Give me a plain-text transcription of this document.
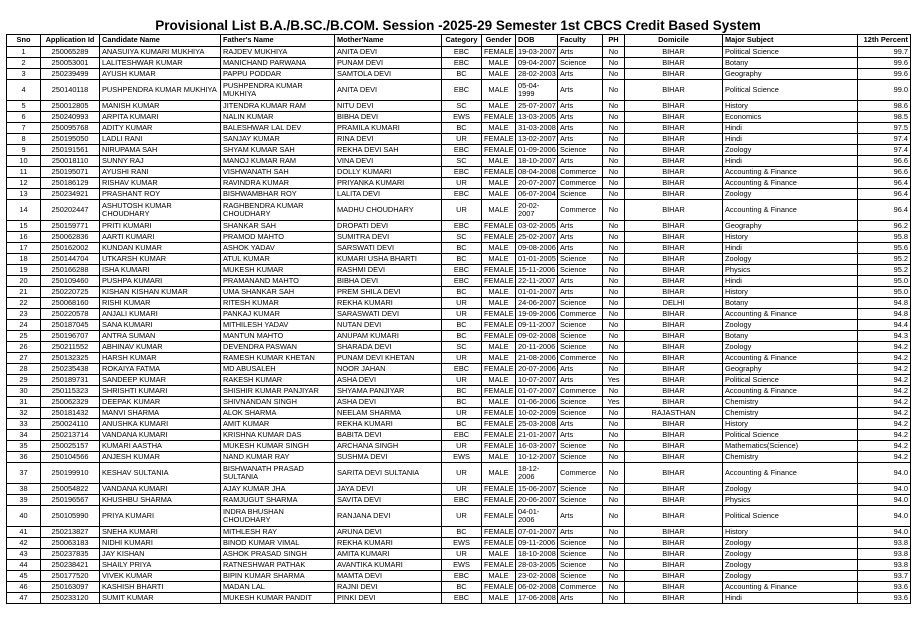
Provisional List B.A./B.SC./B.COM. Session -2025-29 Semester 1st CBCS Credit Based System
Sno	Application Id	Candidate Name	Father's Name	Mother'Name	Category	Gender	DOB	Faculty	PH	Domicile	Major Subject	12th Percent
1	250065289	ANASUIYA KUMARI MUKHIYA	RAJDEV MUKHIYA	ANITA DEVI	EBC	FEMALE	19-03-2007	Arts	No	BIHAR	Political Science	99.7
2	250053001	LALITESHWAR KUMAR	MANICHAND PARWANA	PUNAM DEVI	EBC	MALE	09-04-2007	Science	No	BIHAR	Botany	99.6
3	250239499	AYUSH KUMAR	PAPPU PODDAR	SAMTOLA DEVI	BC	MALE	28-02-2003	Arts	No	BIHAR	Geography	99.6
4	250140118	PUSHPENDRA KUMAR MUKHIYA	PUSHPENDRA KUMAR MUKHIYA	ANITA DEVI	EBC	MALE	05-04-1999	Arts	No	BIHAR	Political Science	99.0
5	250012805	MANISH KUMAR	JITENDRA KUMAR RAM	NITU DEVI	SC	MALE	25-07-2007	Arts	No	BIHAR	History	98.6
6	250240993	ARPITA KUMARI	NALIN KUMAR	BIBHA DEVI	EWS	FEMALE	13-03-2005	Arts	No	BIHAR	Economics	98.5
7	250095768	ADITY KUMAR	BALESHWAR LAL DEV	PRAMILA KUMARI	BC	MALE	31-03-2008	Arts	No	BIHAR	Hindi	97.5
8	250195050	LADLI RANI	SANJAY KUMAR	RINA DEVI	UR	FEMALE	13-02-2007	Arts	No	BIHAR	Hindi	97.4
9	250191561	NIRUPAMA SAH	SHYAM KUMAR SAH	REKHA DEVI SAH	EBC	FEMALE	01-09-2006	Science	No	BIHAR	Zoology	97.4
10	250018110	SUNNY RAJ	MANOJ KUMAR RAM	VINA DEVI	SC	MALE	18-10-2007	Arts	No	BIHAR	Hindi	96.6
11	250195071	AYUSHI RANI	VISHWANATH SAH	DOLLY KUMARI	EBC	FEMALE	08-04-2008	Commerce	No	BIHAR	Accounting & Finance	96.6
12	250186129	RISHAV KUMAR	RAVINDRA KUMAR	PRIYANKA KUMARI	UR	MALE	20-07-2007	Commerce	No	BIHAR	Accounting & Finance	96.4
13	250234921	PRASHANT ROY	BISHWAMBHAR ROY	LALITA DEVI	EBC	MALE	06-07-2004	Science	No	BIHAR	Zoology	96.4
14	250202447	ASHUTOSH KUMAR CHOUDHARY	RAGHBENDRA KUMAR CHOUDHARY	MADHU CHOUDHARY	UR	MALE	20-02-2007	Commerce	No	BIHAR	Accounting & Finance	96.4
15	250159771	PRITI KUMARI	SHANKAR SAH	DROPATI DEVI	EBC	FEMALE	03-02-2005	Arts	No	BIHAR	Geography	96.2
16	250062836	AARTI KUMARI	PRAMOD MAHTO	SUMITRA DEVI	SC	FEMALE	25-02-2007	Arts	No	BIHAR	History	95.8
17	250162002	KUNDAN KUMAR	ASHOK YADAV	SARSWATI DEVI	BC	MALE	09-08-2006	Arts	No	BIHAR	Hindi	95.6
18	250144704	UTKARSH KUMAR	ATUL KUMAR	KUMARI USHA BHARTI	BC	MALE	01-01-2005	Science	No	BIHAR	Zoology	95.2
19	250166288	ISHA KUMARI	MUKESH KUMAR	RASHMI DEVI	EBC	FEMALE	15-11-2006	Science	No	BIHAR	Physics	95.2
20	250109460	PUSHPA KUMARI	PRAMANAND MAHTO	BIBHA DEVI	EBC	FEMALE	22-11-2007	Arts	No	BIHAR	Hindi	95.0
21	250220725	KISHAN KISHAN KUMAR	UMA SHANKAR SAH	PREM SHILA DEVI	BC	MALE	01-01-2007	Arts	No	BIHAR	History	95.0
22	250068160	RISHI KUMAR	RITESH KUMAR	REKHA KUMARI	UR	MALE	24-06-2007	Science	No	DELHI	Botany	94.8
23	250220578	ANJALI KUMARI	PANKAJ KUMAR	SARASWATI DEVI	UR	FEMALE	19-09-2006	Commerce	No	BIHAR	Accounting & Finance	94.8
24	250187045	SANA KUMARI	MITHILESH YADAV	NUTAN DEVI	BC	FEMALE	09-11-2007	Science	No	BIHAR	Zoology	94.4
25	250196707	ANTRA SUMAN	MANTUN MAHTO	ANUPAM KUMARI	BC	FEMALE	09-02-2008	Science	No	BIHAR	Botany	94.3
26	250211552	ABHINAV KUMAR	DEVENDRA PASWAN	SHARADA DEVI	SC	MALE	20-11-2006	Science	No	BIHAR	Zoology	94.2
27	250132325	HARSH KUMAR	RAMESH KUMAR KHETAN	PUNAM DEVI KHETAN	UR	MALE	21-08-2006	Commerce	No	BIHAR	Accounting & Finance	94.2
28	250235438	ROKAIYA FATMA	MD ABUSALEH	NOOR JAHAN	EBC	FEMALE	20-07-2006	Arts	No	BIHAR	Geography	94.2
29	250189731	SANDEEP KUMAR	RAKESH KUMAR	ASHA DEVI	UR	MALE	10-07-2007	Arts	Yes	BIHAR	Political Science	94.2
30	250115323	SHRISHTI KUMARI	SHISHIR KUMAR PANJIYAR	SHYAMA PANJIYAR	BC	FEMALE	01-07-2007	Commerce	No	BIHAR	Accounting & Finance	94.2
31	250062329	DEEPAK KUMAR	SHIVNANDAN SINGH	ASHA DEVI	BC	MALE	01-06-2006	Science	Yes	BIHAR	Chemistry	94.2
32	250181432	MANVI SHARMA	ALOK SHARMA	NEELAM SHARMA	UR	FEMALE	10-02-2009	Science	No	RAJASTHAN	Chemistry	94.2
33	250024110	ANUSHKA KUMARI	AMIT KUMAR	REKHA KUMARI	BC	FEMALE	25-03-2008	Arts	No	BIHAR	History	94.2
34	250213714	VANDANA KUMARI	KRISHNA KUMAR DAS	BABITA DEVI	EBC	FEMALE	21-01-2007	Arts	No	BIHAR	Political Science	94.2
35	250025157	KUMARI AASTHA	MUKESH KUMAR SINGH	ARCHANA SINGH	UR	FEMALE	16-03-2007	Science	No	BIHAR	Mathematics(Science)	94.2
36	250104566	ANJESH KUMAR	NAND KUMAR RAY	SUSHMA DEVI	EWS	MALE	10-12-2007	Science	No	BIHAR	Chemistry	94.2
37	250199910	KESHAV SULTANIA	BISHWANATH PRASAD SULTANIA	SARITA DEVI SULTANIA	UR	MALE	18-12-2006	Commerce	No	BIHAR	Accounting & Finance	94.0
38	250054822	VANDANA KUMARI	AJAY KUMAR JHA	JAYA DEVI	UR	FEMALE	15-06-2007	Science	No	BIHAR	Zoology	94.0
39	250196567	KHUSHBU SHARMA	RAMJUGUT SHARMA	SAVITA DEVI	EBC	FEMALE	20-06-2007	Science	No	BIHAR	Physics	94.0
40	250105990	PRIYA KUMARI	INDRA BHUSHAN CHOUDHARY	RANJANA DEVI	UR	FEMALE	04-01-2006	Arts	No	BIHAR	Political Science	94.0
41	250213827	SNEHA KUMARI	MITHLESH RAY	ARUNA DEVI	BC	FEMALE	07-01-2007	Arts	No	BIHAR	History	94.0
42	250063183	NIDHI KUMARI	BINOD KUMAR VIMAL	REKHA KUMARI	EWS	FEMALE	09-11-2006	Science	No	BIHAR	Zoology	93.8
43	250237835	JAY KISHAN	ASHOK PRASAD SINGH	AMITA KUMARI	UR	MALE	18-10-2008	Science	No	BIHAR	Zoology	93.8
44	250238421	SHAILY PRIYA	RATNESHWAR PATHAK	AVANTIKA KUMARI	EWS	FEMALE	28-03-2005	Science	No	BIHAR	Zoology	93.8
45	250177520	VIVEK KUMAR	BIPIN KUMAR SHARMA	MAMTA DEVI	EBC	MALE	23-02-2008	Science	No	BIHAR	Zoology	93.7
46	250163097	KASHISH BHARTI	MADAN LAL	RAJNI DEVI	BC	FEMALE	06-02-2008	Commerce	No	BIHAR	Accounting & Finance	93.6
47	250233120	SUMIT KUMAR	MUKESH KUMAR PANDIT	PINKI DEVI	EBC	MALE	17-06-2008	Arts	No	BIHAR	Hindi	93.6
